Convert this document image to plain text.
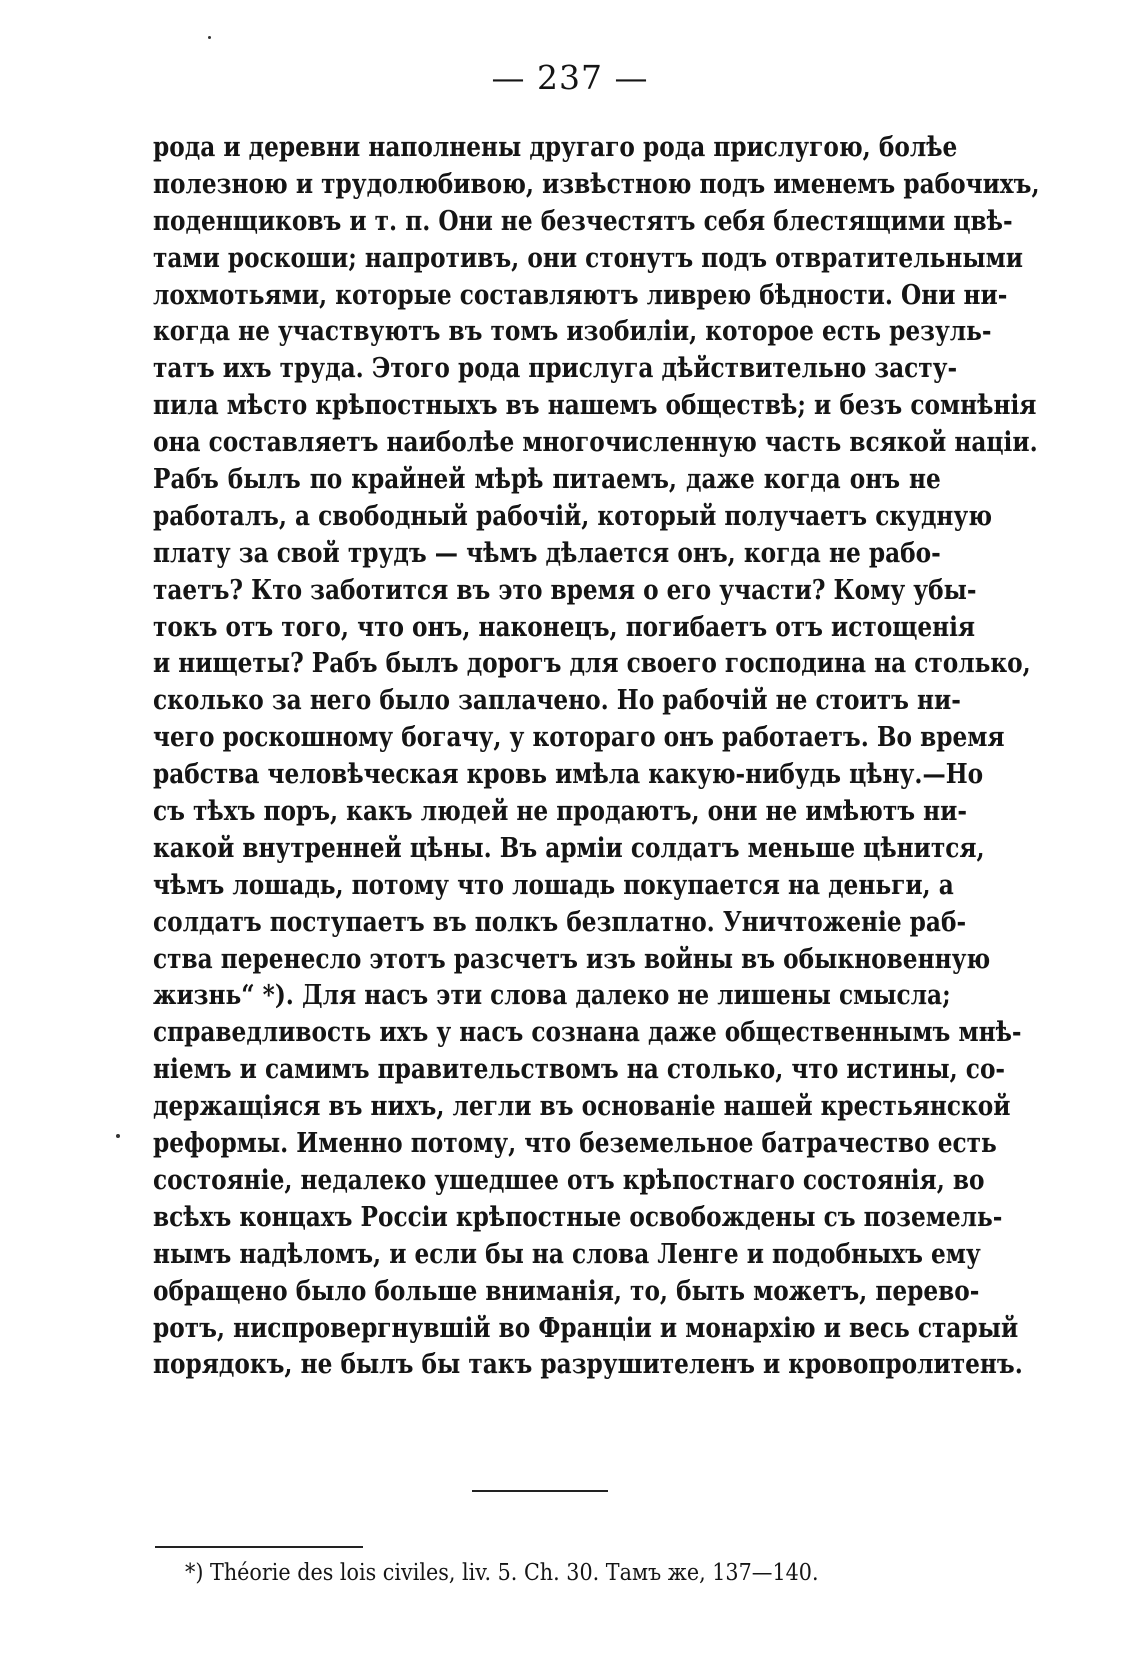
— 237 —
рода и деревни наполнены другаго рода прислугою, болѣе
полезною и трудолюбивою, извѣстною подъ именемъ рабочихъ,
поденщиковъ и т. п. Они не безчестятъ себя блестящими цвѣ-
тами роскоши; напротивъ, они стонутъ подъ отвратительными
лохмотьями, которые составляютъ ливрею бѣдности. Они ни-
когда не участвуютъ въ томъ изобиліи, которое есть резуль-
татъ ихъ труда. Этого рода прислуга дѣйствительно засту-
пила мѣсто крѣпостныхъ въ нашемъ обществѣ; и безъ сомнѣнія
она составляетъ наиболѣе многочисленную часть всякой націи.
Рабъ былъ по крайней мѣрѣ питаемъ, даже когда онъ не
работалъ, а свободный рабочій, который получаетъ скудную
плату за свой трудъ — чѣмъ дѣлается онъ, когда не рабо-
таетъ? Кто заботится въ это время о его участи? Кому убы-
токъ отъ того, что онъ, наконецъ, погибаетъ отъ истощенія
и нищеты? Рабъ былъ дорогъ для своего господина на столько,
сколько за него было заплачено. Но рабочій не стоитъ ни-
чего роскошному богачу, у котораго онъ работаетъ. Во время
рабства человѣческая кровь имѣла какую-нибудь цѣну.—Но
съ тѣхъ поръ, какъ людей не продаютъ, они не имѣютъ ни-
какой внутренней цѣны. Въ арміи солдатъ меньше цѣнится,
чѣмъ лошадь, потому что лошадь покупается на деньги, а
солдатъ поступаетъ въ полкъ безплатно. Уничтоженіе раб-
ства перенесло этотъ разсчетъ изъ войны въ обыкновенную
жизнь“ *). Для насъ эти слова далеко не лишены смысла;
справедливость ихъ у насъ сознана даже общественнымъ мнѣ-
ніемъ и самимъ правительствомъ на столько, что истины, со-
держащіяся въ нихъ, легли въ основаніе нашей крестьянской
реформы. Именно потому, что беземельное батрачество есть
состояніе, недалеко ушедшее отъ крѣпостнаго состоянія, во
всѣхъ концахъ Россіи крѣпостные освобождены съ поземель-
нымъ надѣломъ, и если бы на слова Ленге и подобныхъ ему
обращено было больше вниманія, то, быть можетъ, перево-
ротъ, ниспровергнувшій во Франціи и монархію и весь старый
порядокъ, не былъ бы такъ разрушителенъ и кровопролитенъ.
*) Théorie des lois civiles, liv. 5. Ch. 30. Тамъ же, 137—140.
